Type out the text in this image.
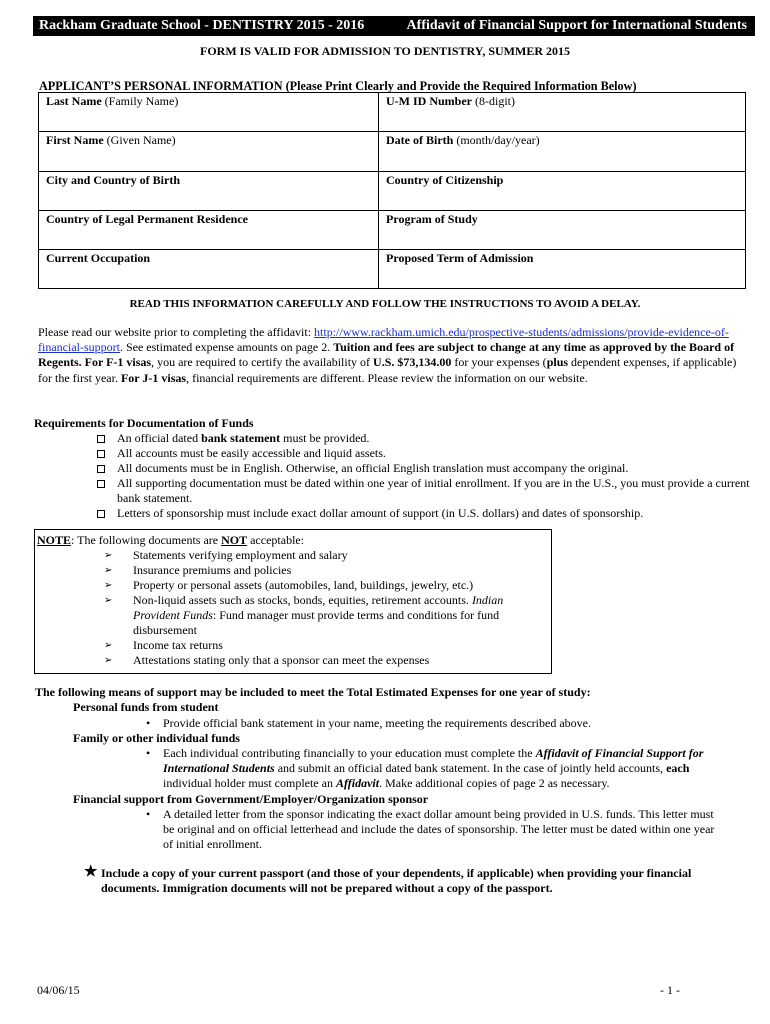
Rackham Graduate School - DENTISTRY 2015 - 2016	Affidavit of Financial Support for International Students
FORM IS VALID FOR ADMISSION TO DENTISTRY, SUMMER 2015
APPLICANT’S PERSONAL INFORMATION (Please Print Clearly and Provide the Required Information Below)
Last Name (Family Name)	U-M ID Number (8-digit)
First Name (Given Name)	Date of Birth (month/day/year)
City and Country of Birth	Country of Citizenship
Country of Legal Permanent Residence	Program of Study
Current Occupation	Proposed Term of Admission
READ THIS INFORMATION CAREFULLY AND FOLLOW THE INSTRUCTIONS TO AVOID A DELAY.
Please read our website prior to completing the affidavit: http://www.rackham.umich.edu/prospective-students/admissions/provide-evidence-of-financial-support. See estimated expense amounts on page 2. Tuition and fees are subject to change at any time as approved by the Board of Regents. For F-1 visas, you are required to certify the availability of U.S. $73,134.00 for your expenses (plus dependent expenses, if applicable) for the first year. For J-1 visas, financial requirements are different. Please review the information on our website.
Requirements for Documentation of Funds
An official dated bank statement must be provided.
All accounts must be easily accessible and liquid assets.
All documents must be in English. Otherwise, an official English translation must accompany the original.
All supporting documentation must be dated within one year of initial enrollment. If you are in the U.S., you must provide a current bank statement.
Letters of sponsorship must include exact dollar amount of support (in U.S. dollars) and dates of sponsorship.
NOTE: The following documents are NOT acceptable:
➢ Statements verifying employment and salary
➢ Insurance premiums and policies
➢ Property or personal assets (automobiles, land, buildings, jewelry, etc.)
➢ Non-liquid assets such as stocks, bonds, equities, retirement accounts. Indian Provident Funds: Fund manager must provide terms and conditions for fund disbursement
➢ Income tax returns
➢ Attestations stating only that a sponsor can meet the expenses
The following means of support may be included to meet the Total Estimated Expenses for one year of study:
Personal funds from student
• Provide official bank statement in your name, meeting the requirements described above.
Family or other individual funds
• Each individual contributing financially to your education must complete the Affidavit of Financial Support for International Students and submit an official dated bank statement. In the case of jointly held accounts, each individual holder must complete an Affidavit. Make additional copies of page 2 as necessary.
Financial support from Government/Employer/Organization sponsor
• A detailed letter from the sponsor indicating the exact dollar amount being provided in U.S. funds. This letter must be original and on official letterhead and include the dates of sponsorship. The letter must be dated within one year of initial enrollment.
★ Include a copy of your current passport (and those of your dependents, if applicable) when providing your financial documents. Immigration documents will not be prepared without a copy of the passport.
04/06/15	- 1 -
